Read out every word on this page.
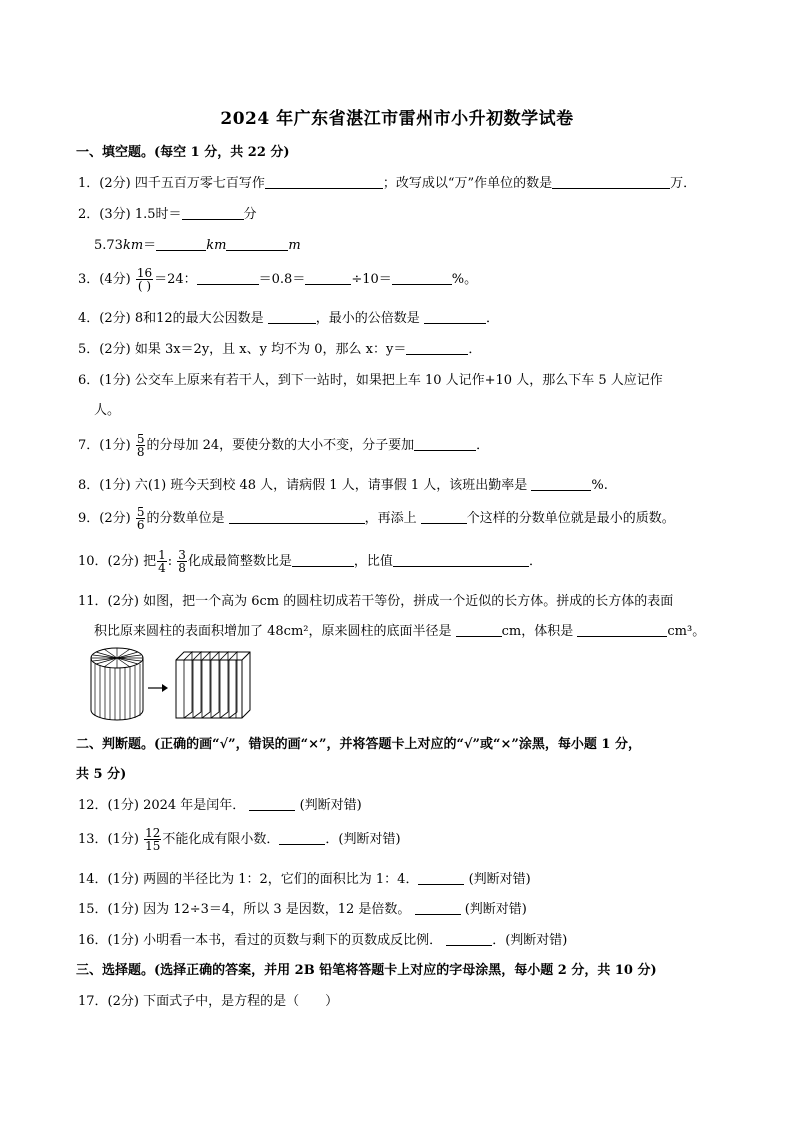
2024 年广东省湛江市雷州市小升初数学试卷
一、填空题。(每空 1 分，共 22 分)
1．(2分) 四千五百万零七百写作	；改写成以“万”作单位的数是	万．
2．(3分) 1.5时＝	分
5.73km＝	km	m
3．(4分) $\frac{16}{( )} =24$：	＝0.8＝	÷10＝	%。
4．(2分) 8和12的最大公因数是	，最小的公倍数是	．
5．(2分) 如果 3x＝2y，且 x、y 均不为 0，那么 x：y＝	．
6．(1分) 公交车上原来有若干人，到下一站时，如果把上车 10 人记作+10 人，那么下车 5 人应记作
人。
7．(1分) $\frac{5}{8}$ 的分母加 24，要使分数的大小不变，分子要加	．
8．(1分) 六(1) 班今天到校 48 人，请病假 1 人，请事假 1 人，该班出勤率是	%.
9．(2分) $\frac{5}{6}$ 的分数单位是	，再添上	个这样的分数单位就是最小的质数。
10．(2分) 把 $\frac{1}{4}$ : $\frac{3}{8}$ 化成最简整数比是	，比值	．
11．(2分) 如图，把一个高为 6cm 的圆柱切成若干等份，拼成一个近似的长方体。拼成的长方体的表面
积比原来圆柱的表面积增加了 48cm²，原来圆柱的底面半径是	cm，体积是	cm³。
二、判断题。(正确的画“√”，错误的画“×”，并将答题卡上对应的“√”或“×”涂黑，每小题 1 分，
共 5 分)
12．(1分) 2024 年是闰年．	(判断对错)
13．(1分) $\frac{12}{15}$ 不能化成有限小数．	．(判断对错)
14．(1分) 两圆的半径比为 1：2，它们的面积比为 1：4．	(判断对错)
15．(1分) 因为 12÷3＝4，所以 3 是因数，12 是倍数。	(判断对错)
16．(1分) 小明看一本书，看过的页数与剩下的页数成反比例．	．(判断对错)
三、选择题。(选择正确的答案，并用 2B 铅笔将答题卡上对应的字母涂黑，每小题 2 分，共 10 分)
17．(2分) 下面式子中，是方程的是（　　）
